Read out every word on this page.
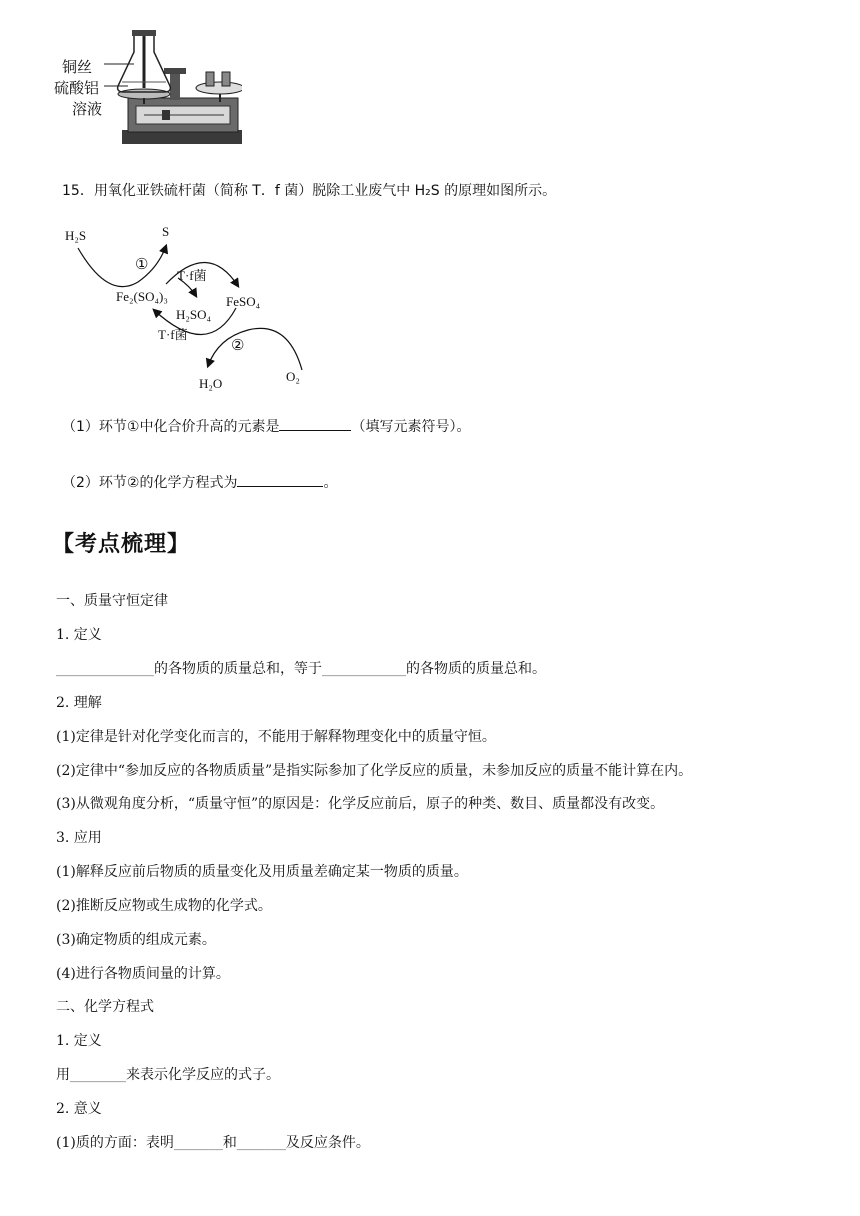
铜丝
硫酸铝
溶液
15．用氧化亚铁硫杆菌（简称 T．f 菌）脱除工业废气中 H₂S 的原理如图所示。
H₂S	S
①
T·f菌
Fe₂(SO₄)₃	FeSO₄
H₂SO₄
T·f菌
②
H₂O	O₂
（1）环节①中化合价升高的元素是	（填写元素符号）。
（2）环节②的化学方程式为	。
【考点梳理】
一、质量守恒定律
1. 定义
______________的各物质的质量总和，等于____________的各物质的质量总和。
2. 理解
(1)定律是针对化学变化而言的，不能用于解释物理变化中的质量守恒。
(2)定律中“参加反应的各物质质量”是指实际参加了化学反应的质量，未参加反应的质量不能计算在内。
(3)从微观角度分析，“质量守恒”的原因是：化学反应前后，原子的种类、数目、质量都没有改变。
3. 应用
(1)解释反应前后物质的质量变化及用质量差确定某一物质的质量。
(2)推断反应物或生成物的化学式。
(3)确定物质的组成元素。
(4)进行各物质间量的计算。
二、化学方程式
1. 定义
用________来表示化学反应的式子。
2. 意义
(1)质的方面：表明_______和_______及反应条件。
